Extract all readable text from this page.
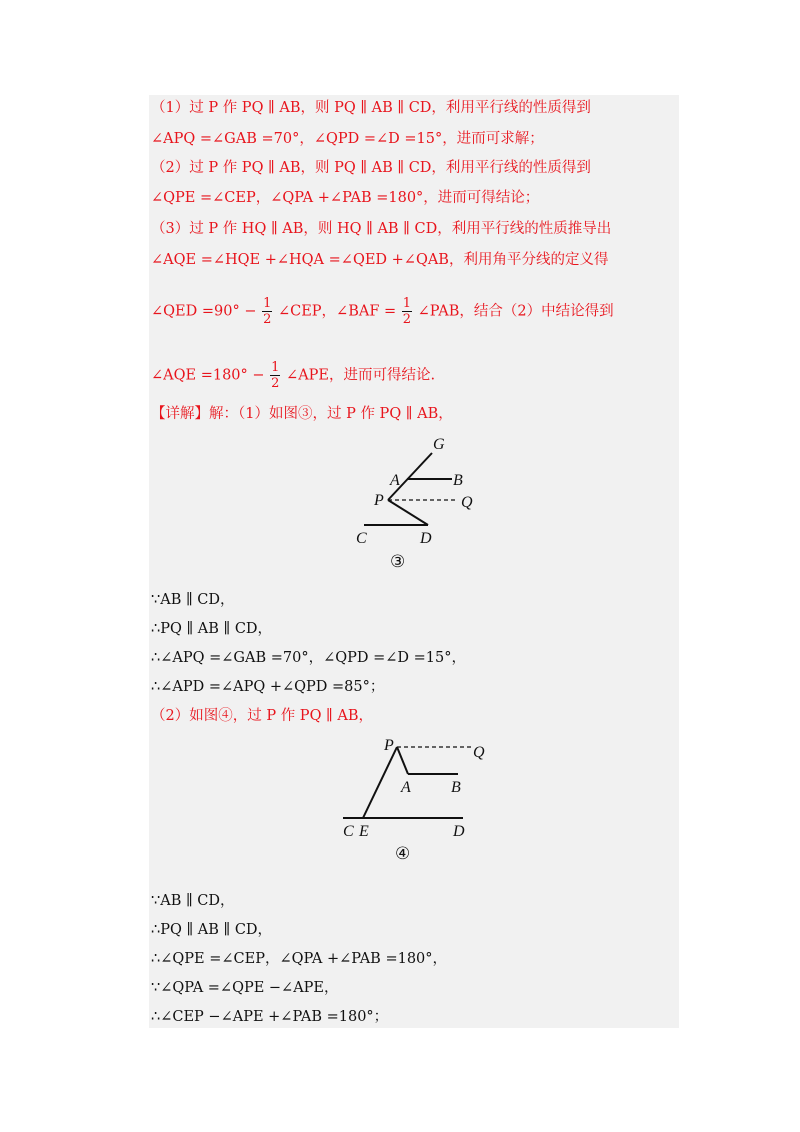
（1）过 P 作 PQ ∥ AB，则 PQ ∥ AB ∥ CD，利用平行线的性质得到
∠APQ =∠GAB =70°，∠QPD =∠D =15°，进而可求解；
（2）过 P 作 PQ ∥ AB，则 PQ ∥ AB ∥ CD，利用平行线的性质得到
∠QPE =∠CEP，∠QPA +∠PAB =180°，进而可得结论；
（3）过 P 作 HQ ∥ AB，则 HQ ∥ AB ∥ CD，利用平行线的性质推导出
∠AQE =∠HQE +∠HQA =∠QED +∠QAB，利用角平分线的定义得
∠QED $=90^\circ - \frac{1}{2}$ ∠CEP，∠BAF = $\frac{1}{2}$ ∠PAB，结合（2）中结论得到
∠AQE $=180^\circ - \frac{1}{2}$ ∠APE，进而可得结论.
【详解】解：（1）如图③，过 P 作 PQ ∥ AB，
G
A	B
P	Q
C	D
③
∵AB ∥ CD，
∴PQ ∥ AB ∥ CD，
∴∠APQ =∠GAB =70°，∠QPD =∠D =15°，
∴∠APD =∠APQ +∠QPD =85°；
（2）如图④，过 P 作 PQ ∥ AB，
P	Q
A	B
C E	D
④
∵AB ∥ CD，
∴PQ ∥ AB ∥ CD，
∴∠QPE =∠CEP，∠QPA +∠PAB =180°，
∵∠QPA =∠QPE −∠APE，
∴∠CEP −∠APE +∠PAB =180°；
